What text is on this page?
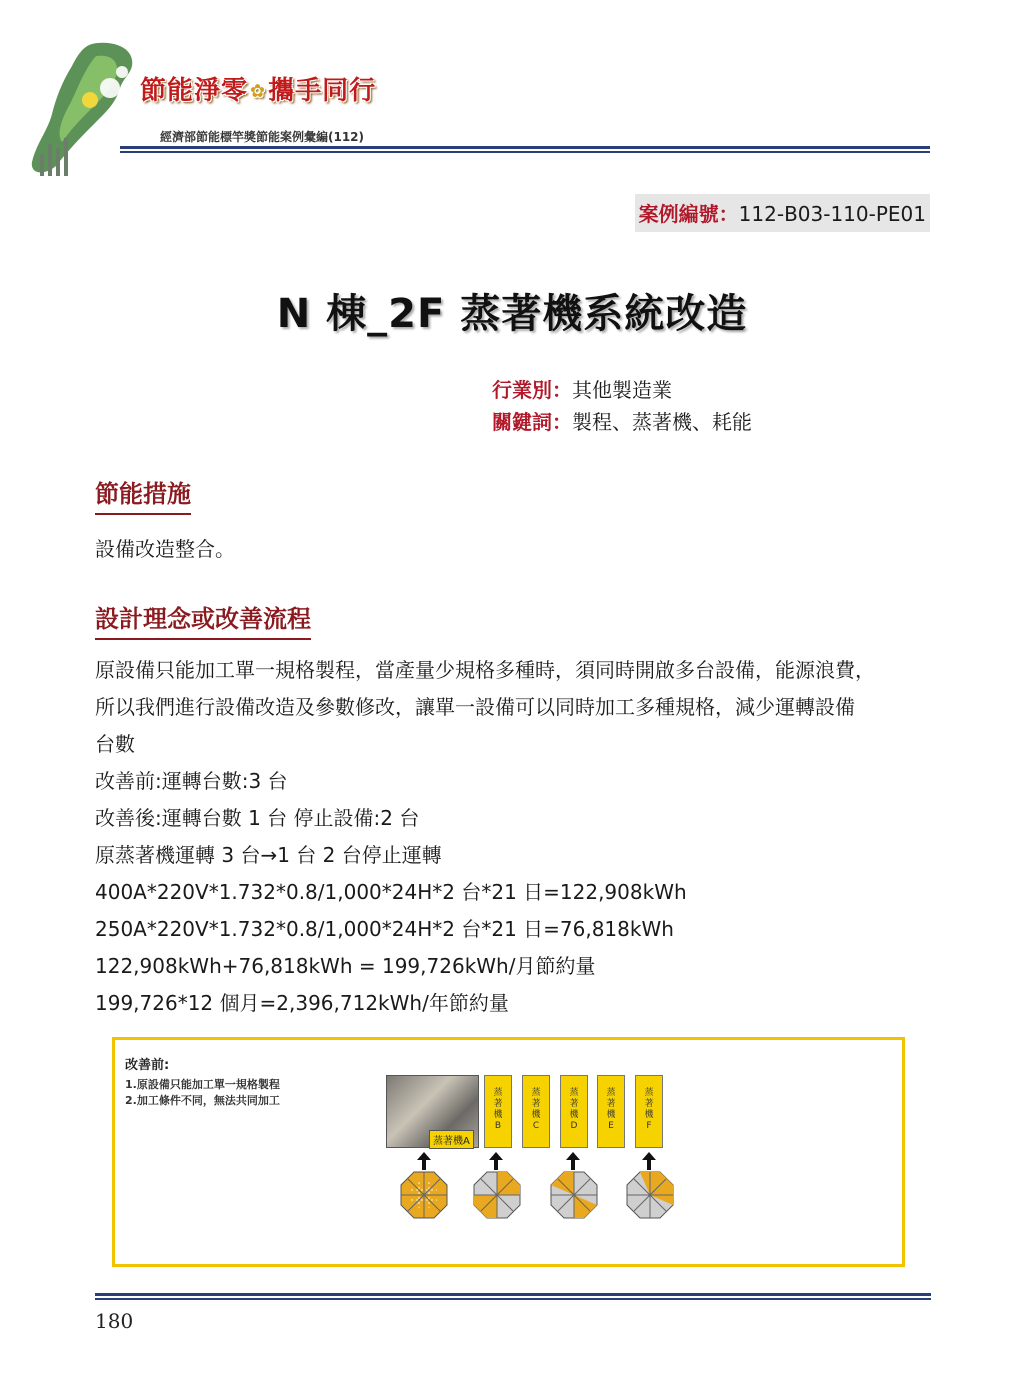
節能淨零 ✿攜手同行
經濟部節能標竿獎節能案例彙編(112)
案例編號：112-B03-110-PE01
N 棟_2F 蒸著機系統改造
行業別：其他製造業
關鍵詞：製程、蒸著機、耗能
節能措施
設備改造整合。
設計理念或改善流程

原設備只能加工單一規格製程，當產量少規格多種時，須同時開啟多台設備，能源浪費，

所以我們進行設備改造及參數修改，讓單一設備可以同時加工多種規格，減少運轉設備

台數

改善前:運轉台數:3 台

改善後:運轉台數 1 台 停止設備:2 台

原蒸著機運轉 3 台→1 台 2 台停止運轉

400A*220V*1.732*0.8/1,000*24H*2 台*21 日=122,908kWh

250A*220V*1.732*0.8/1,000*24H*2 台*21 日=76,818kWh

122,908kWh+76,818kWh = 199,726kWh/月節約量

199,726*12 個月=2,396,712kWh/年節約量

改善前:
1.原設備只能加工單一規格製程
2.加工條件不同，無法共同加工
蒸著機A
蒸
著
機
B
蒸
著
機
C
蒸
著
機
D
蒸
著
機
E
蒸
著
機
F
180
